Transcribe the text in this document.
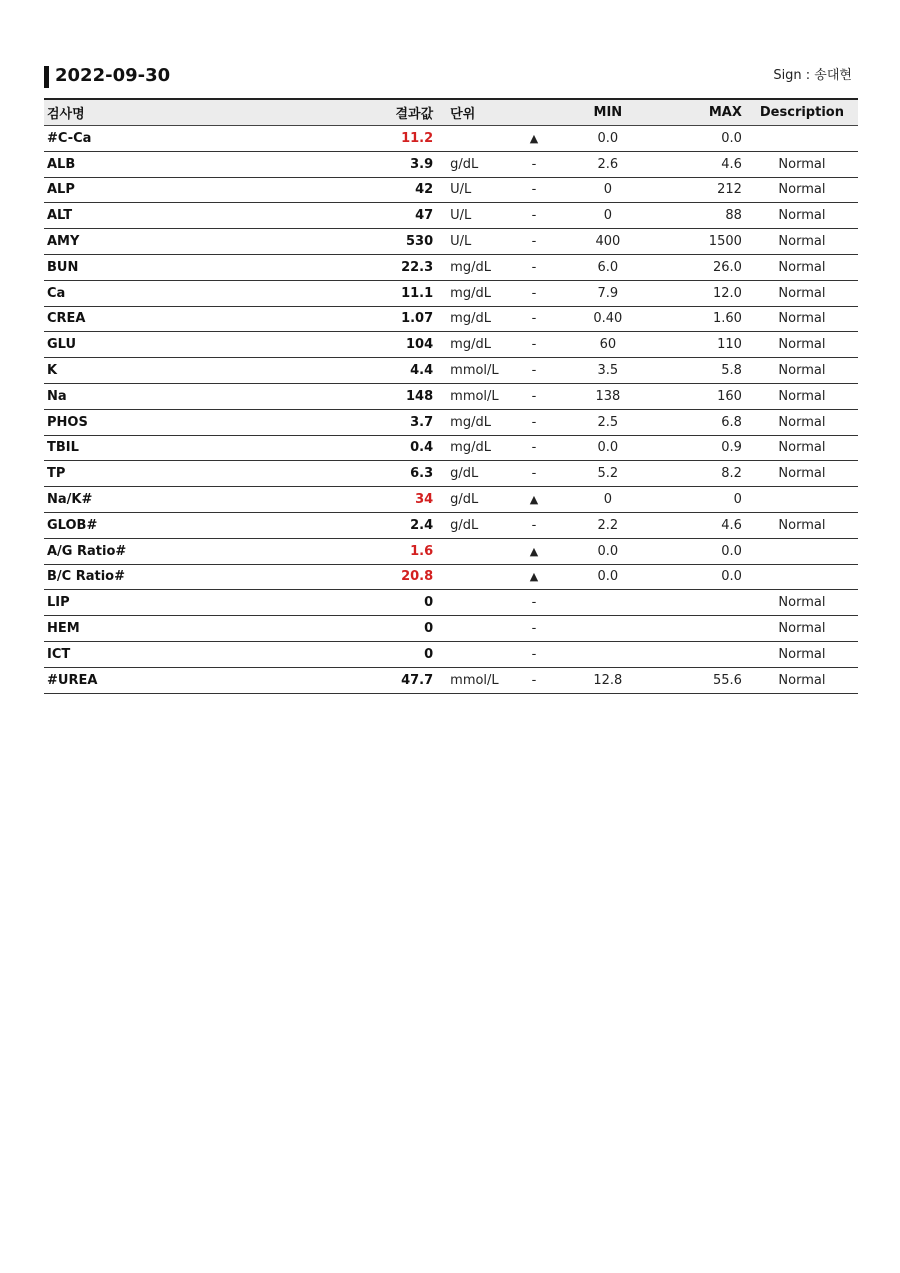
2022-09-30	Sign : 송대현
검사명	결과값	단위		MIN	MAX	Description
#C-Ca	11.2		▲	0.0	0.0	
ALB	3.9	g/dL	-	2.6	4.6	Normal
ALP	42	U/L	-	0	212	Normal
ALT	47	U/L	-	0	88	Normal
AMY	530	U/L	-	400	1500	Normal
BUN	22.3	mg/dL	-	6.0	26.0	Normal
Ca	11.1	mg/dL	-	7.9	12.0	Normal
CREA	1.07	mg/dL	-	0.40	1.60	Normal
GLU	104	mg/dL	-	60	110	Normal
K	4.4	mmol/L	-	3.5	5.8	Normal
Na	148	mmol/L	-	138	160	Normal
PHOS	3.7	mg/dL	-	2.5	6.8	Normal
TBIL	0.4	mg/dL	-	0.0	0.9	Normal
TP	6.3	g/dL	-	5.2	8.2	Normal
Na/K#	34	g/dL	▲	0	0	
GLOB#	2.4	g/dL	-	2.2	4.6	Normal
A/G Ratio#	1.6		▲	0.0	0.0	
B/C Ratio#	20.8		▲	0.0	0.0	
LIP	0		-			Normal
HEM	0		-			Normal
ICT	0		-			Normal
#UREA	47.7	mmol/L	-	12.8	55.6	Normal
